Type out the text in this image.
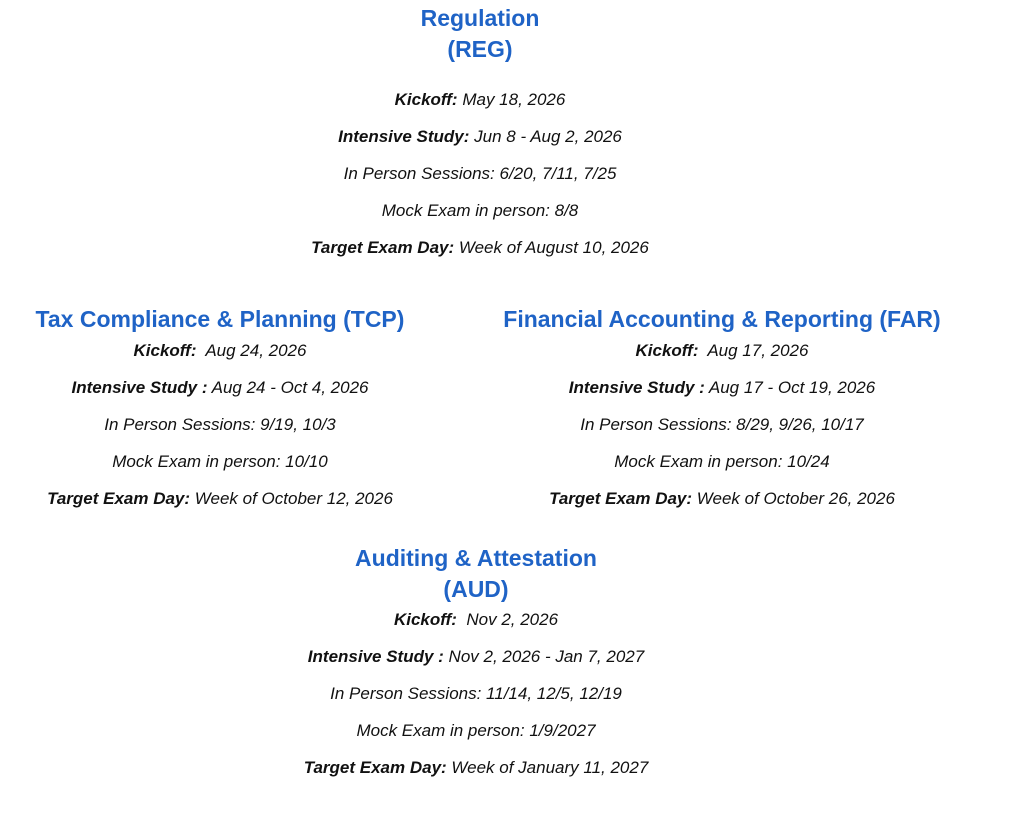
Regulation
(REG)

Kickoff: May 18, 2026

Intensive Study: Jun 8 - Aug 2, 2026

In Person Sessions: 6/20, 7/11, 7/25

Mock Exam in person: 8/8

Target Exam Day: Week of August 10, 2026

Tax Compliance & Planning (TCP)

Kickoff:  Aug 24, 2026

Intensive Study : Aug 24 - Oct 4, 2026

In Person Sessions: 9/19, 10/3

Mock Exam in person: 10/10

Target Exam Day: Week of October 12, 2026

Financial Accounting & Reporting (FAR)

Kickoff:  Aug 17, 2026

Intensive Study : Aug 17 - Oct 19, 2026

In Person Sessions: 8/29, 9/26, 10/17

Mock Exam in person: 10/24

Target Exam Day: Week of October 26, 2026

Auditing & Attestation
(AUD)

Kickoff:  Nov 2, 2026

Intensive Study : Nov 2, 2026 - Jan 7, 2027

In Person Sessions: 11/14, 12/5, 12/19

Mock Exam in person: 1/9/2027

Target Exam Day: Week of January 11, 2027
